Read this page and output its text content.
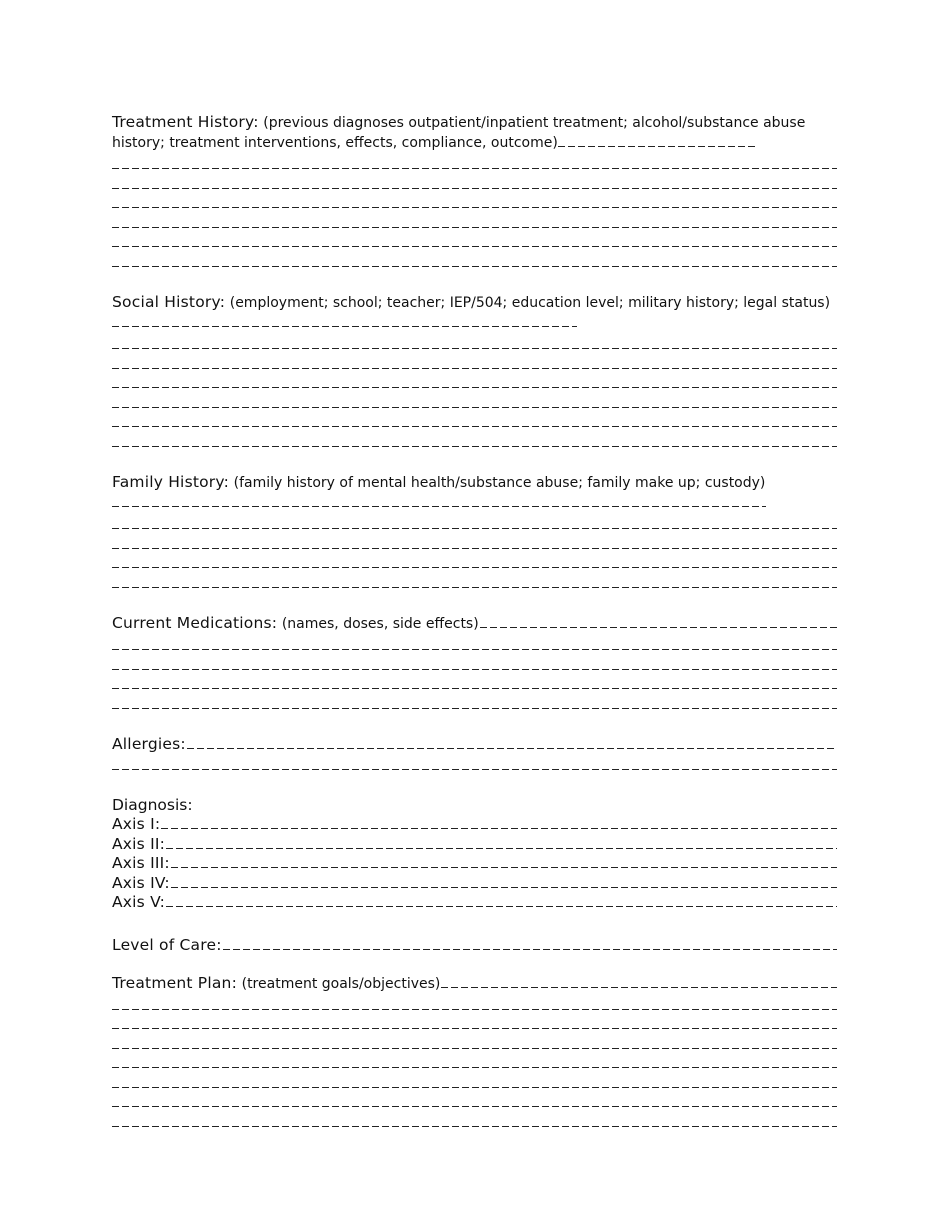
Treatment History: (previous diagnoses outpatient/inpatient treatment; alcohol/substance abuse history; treatment interventions, effects, compliance, outcome)
Social History: (employment; school; teacher; IEP/504; education level; military history; legal status)
Family History: (family history of mental health/substance abuse; family make up; custody)
Current Medications: (names, doses, side effects)
Allergies:
Diagnosis:
Axis I:
Axis II:
Axis III:
Axis IV:
Axis V:
Level of Care:
Treatment Plan: (treatment goals/objectives)
